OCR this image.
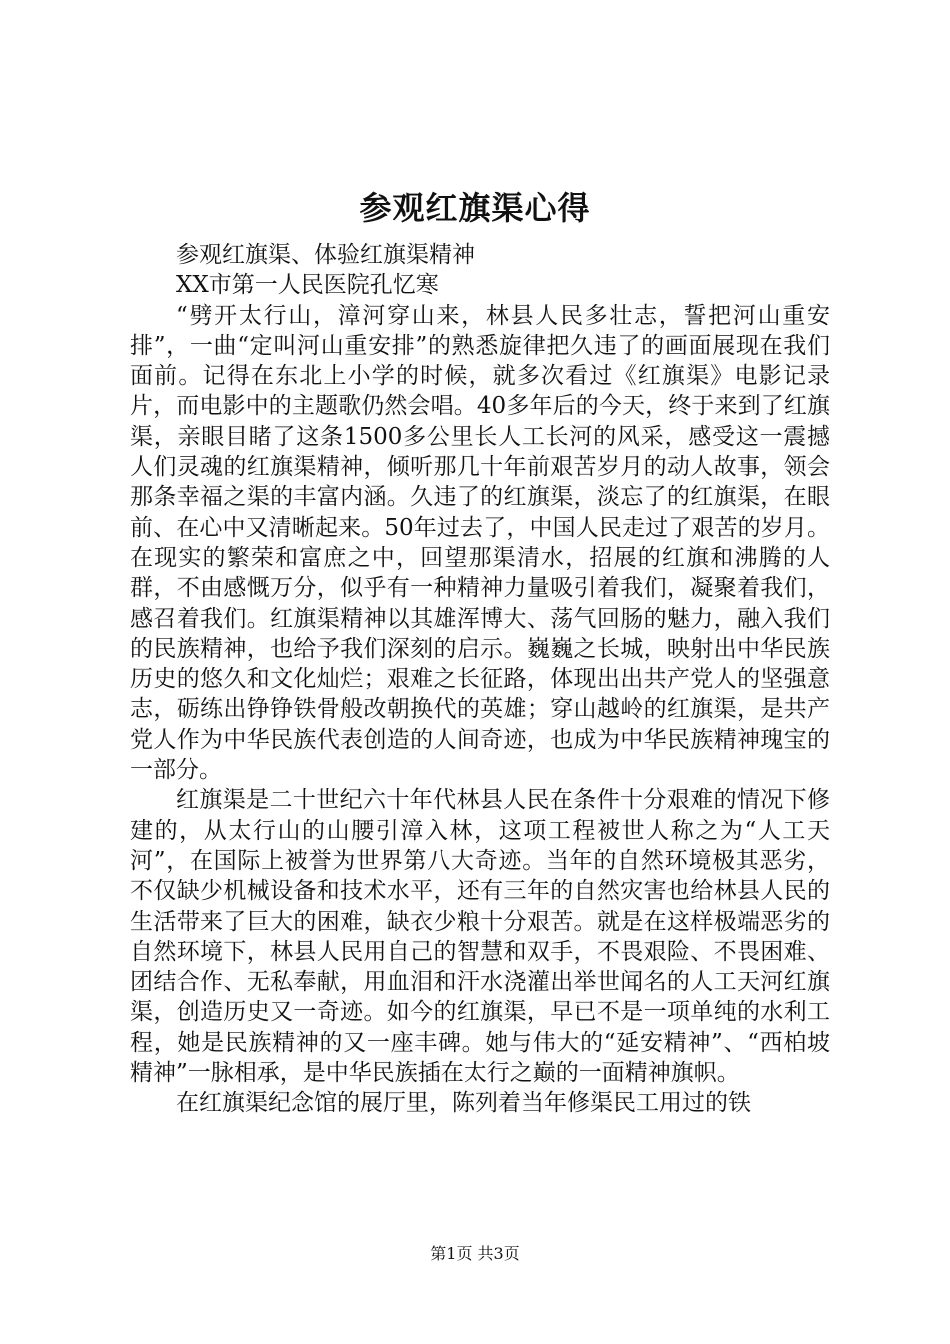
参观红旗渠心得

参观红旗渠、体验红旗渠精神

XX市第一人民医院孔忆寒

“劈开太行山，漳河穿山来，林县人民多壮志，誓把河山重安排”，一曲“定叫河山重安排”的熟悉旋律把久违了的画面展现在我们面前。记得在东北上小学的时候，就多次看过《红旗渠》电影记录片，而电影中的主题歌仍然会唱。40多年后的今天，终于来到了红旗渠，亲眼目睹了这条1500多公里长人工长河的风采，感受这一震撼人们灵魂的红旗渠精神，倾听那几十年前艰苦岁月的动人故事，领会那条幸福之渠的丰富内涵。久违了的红旗渠，淡忘了的红旗渠，在眼前、在心中又清晰起来。50年过去了，中国人民走过了艰苦的岁月。在现实的繁荣和富庶之中，回望那渠清水，招展的红旗和沸腾的人群，不由感慨万分，似乎有一种精神力量吸引着我们，凝聚着我们，感召着我们。红旗渠精神以其雄浑博大、荡气回肠的魅力，融入我们的民族精神，也给予我们深刻的启示。巍巍之长城，映射出中华民族历史的悠久和文化灿烂；艰难之长征路，体现出出共产党人的坚强意志，砺练出铮铮铁骨般改朝换代的英雄；穿山越岭的红旗渠，是共产党人作为中华民族代表创造的人间奇迹，也成为中华民族精神瑰宝的一部分。

红旗渠是二十世纪六十年代林县人民在条件十分艰难的情况下修建的，从太行山的山腰引漳入林，这项工程被世人称之为“人工天河”，在国际上被誉为世界第八大奇迹。当年的自然环境极其恶劣，不仅缺少机械设备和技术水平，还有三年的自然灾害也给林县人民的生活带来了巨大的困难，缺衣少粮十分艰苦。就是在这样极端恶劣的自然环境下，林县人民用自己的智慧和双手，不畏艰险、不畏困难、团结合作、无私奉献，用血泪和汗水浇灌出举世闻名的人工天河红旗渠，创造历史又一奇迹。如今的红旗渠，早已不是一项单纯的水利工程，她是民族精神的又一座丰碑。她与伟大的“延安精神”、“西柏坡精神”一脉相承，是中华民族插在太行之巅的一面精神旗帜。

在红旗渠纪念馆的展厅里，陈列着当年修渠民工用过的铁

第1页 共3页
